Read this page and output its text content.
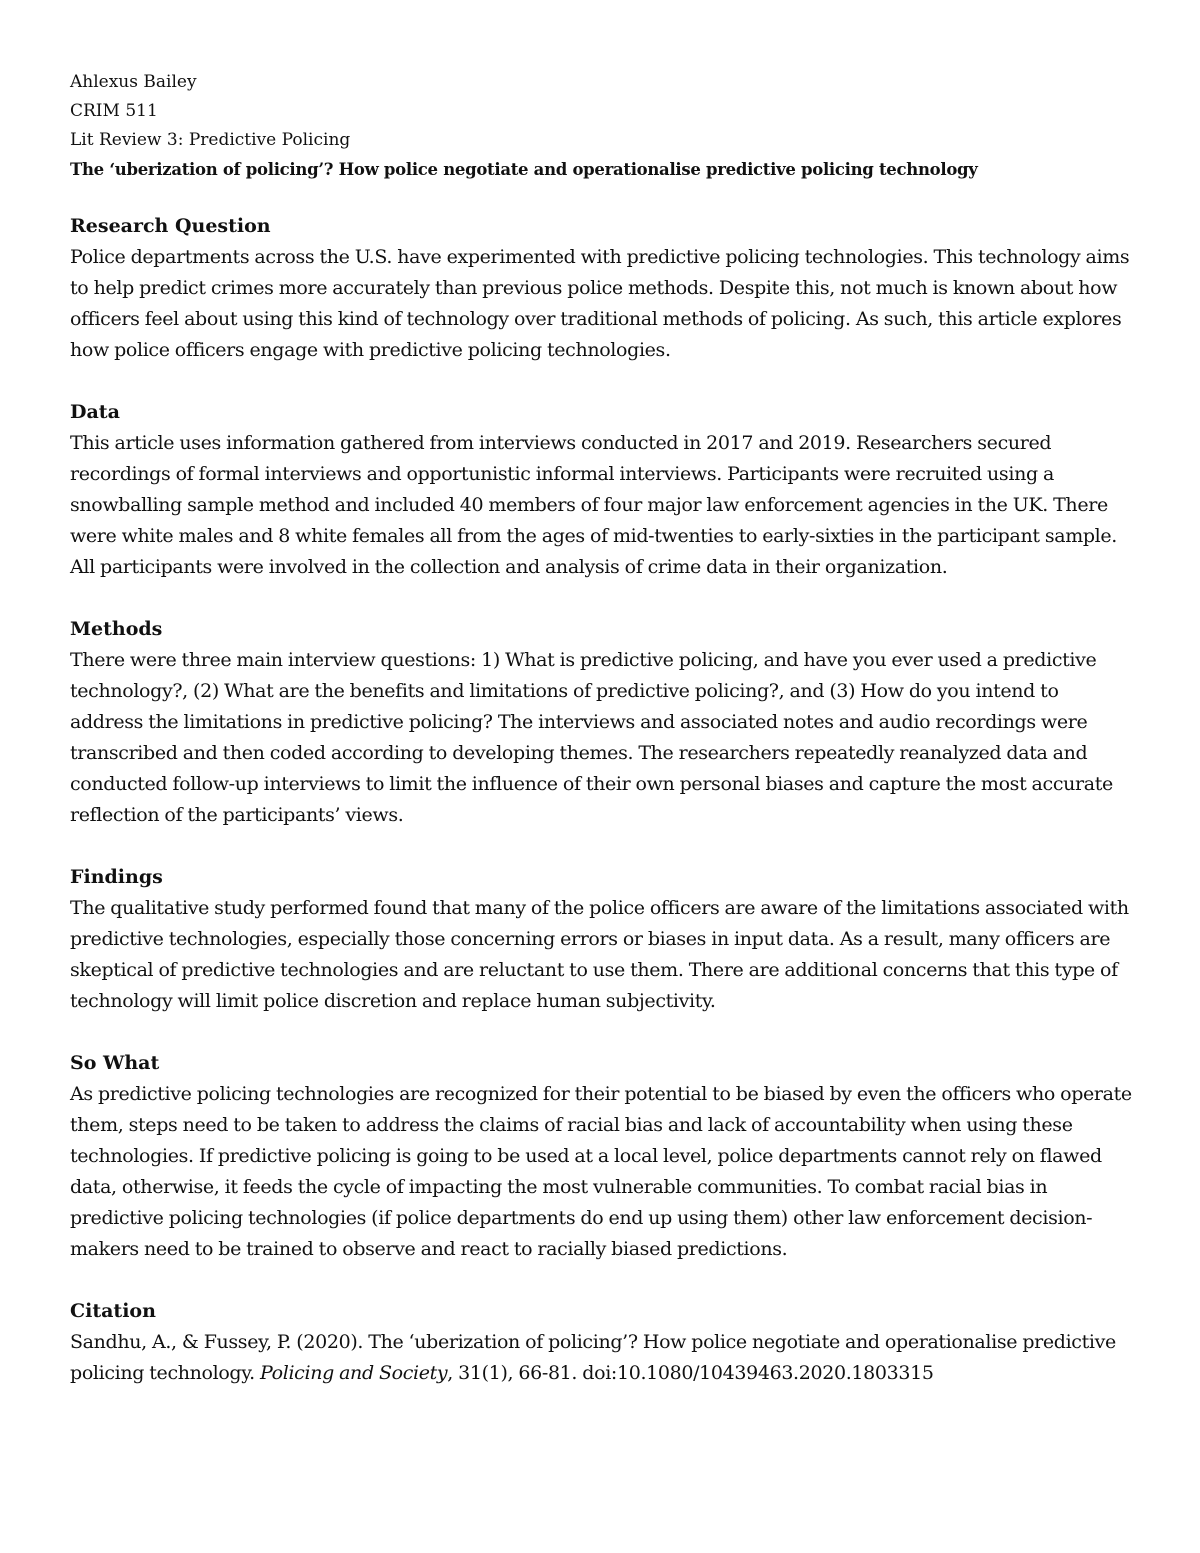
Ahlexus Bailey

CRIM 511

Lit Review 3: Predictive Policing

The ‘uberization of policing’? How police negotiate and operationalise predictive policing technology

Research Question

Police departments across the U.S. have experimented with predictive policing technologies. This technology aims to help predict crimes more accurately than previous police methods. Despite this, not much is known about how officers feel about using this kind of technology over traditional methods of policing. As such, this article explores how police officers engage with predictive policing technologies.

Data

This article uses information gathered from interviews conducted in 2017 and 2019. Researchers secured recordings of formal interviews and opportunistic informal interviews. Participants were recruited using a snowballing sample method and included 40 members of four major law enforcement agencies in the UK. There were white males and 8 white females all from the ages of mid-twenties to early-sixties in the participant sample. All participants were involved in the collection and analysis of crime data in their organization.

Methods

There were three main interview questions: 1) What is predictive policing, and have you ever used a predictive technology?, (2) What are the benefits and limitations of predictive policing?, and (3) How do you intend to address the limitations in predictive policing? The interviews and associated notes and audio recordings were transcribed and then coded according to developing themes. The researchers repeatedly reanalyzed data and conducted follow-up interviews to limit the influence of their own personal biases and capture the most accurate reflection of the participants’ views.

Findings

The qualitative study performed found that many of the police officers are aware of the limitations associated with predictive technologies, especially those concerning errors or biases in input data. As a result, many officers are skeptical of predictive technologies and are reluctant to use them. There are additional concerns that this type of technology will limit police discretion and replace human subjectivity.

So What

As predictive policing technologies are recognized for their potential to be biased by even the officers who operate them, steps need to be taken to address the claims of racial bias and lack of accountability when using these technologies. If predictive policing is going to be used at a local level, police departments cannot rely on flawed data, otherwise, it feeds the cycle of impacting the most vulnerable communities. To combat racial bias in predictive policing technologies (if police departments do end up using them) other law enforcement decision-makers need to be trained to observe and react to racially biased predictions.

Citation

Sandhu, A., & Fussey, P. (2020). The ‘uberization of policing’? How police negotiate and operationalise predictive policing technology. Policing and Society, 31(1), 66-81. doi:10.1080/10439463.2020.1803315
